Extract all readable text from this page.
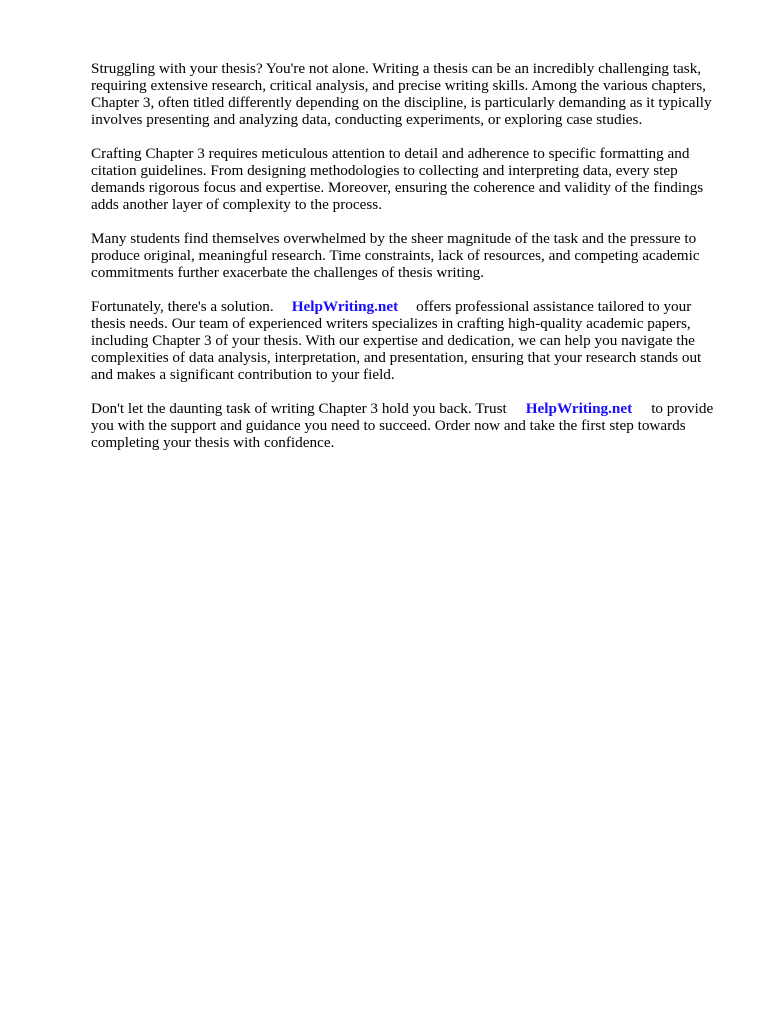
Struggling with your thesis? You're not alone. Writing a thesis can be an incredibly challenging task, requiring extensive research, critical analysis, and precise writing skills. Among the various chapters, Chapter 3, often titled differently depending on the discipline, is particularly demanding as it typically involves presenting and analyzing data, conducting experiments, or exploring case studies.

Crafting Chapter 3 requires meticulous attention to detail and adherence to specific formatting and citation guidelines. From designing methodologies to collecting and interpreting data, every step demands rigorous focus and expertise. Moreover, ensuring the coherence and validity of the findings adds another layer of complexity to the process.

Many students find themselves overwhelmed by the sheer magnitude of the task and the pressure to produce original, meaningful research. Time constraints, lack of resources, and competing academic commitments further exacerbate the challenges of thesis writing.

Fortunately, there's a solution. HelpWriting.net offers professional assistance tailored to your thesis needs. Our team of experienced writers specializes in crafting high-quality academic papers, including Chapter 3 of your thesis. With our expertise and dedication, we can help you navigate the complexities of data analysis, interpretation, and presentation, ensuring that your research stands out and makes a significant contribution to your field.

Don't let the daunting task of writing Chapter 3 hold you back. Trust HelpWriting.net to provide you with the support and guidance you need to succeed. Order now and take the first step towards completing your thesis with confidence.
